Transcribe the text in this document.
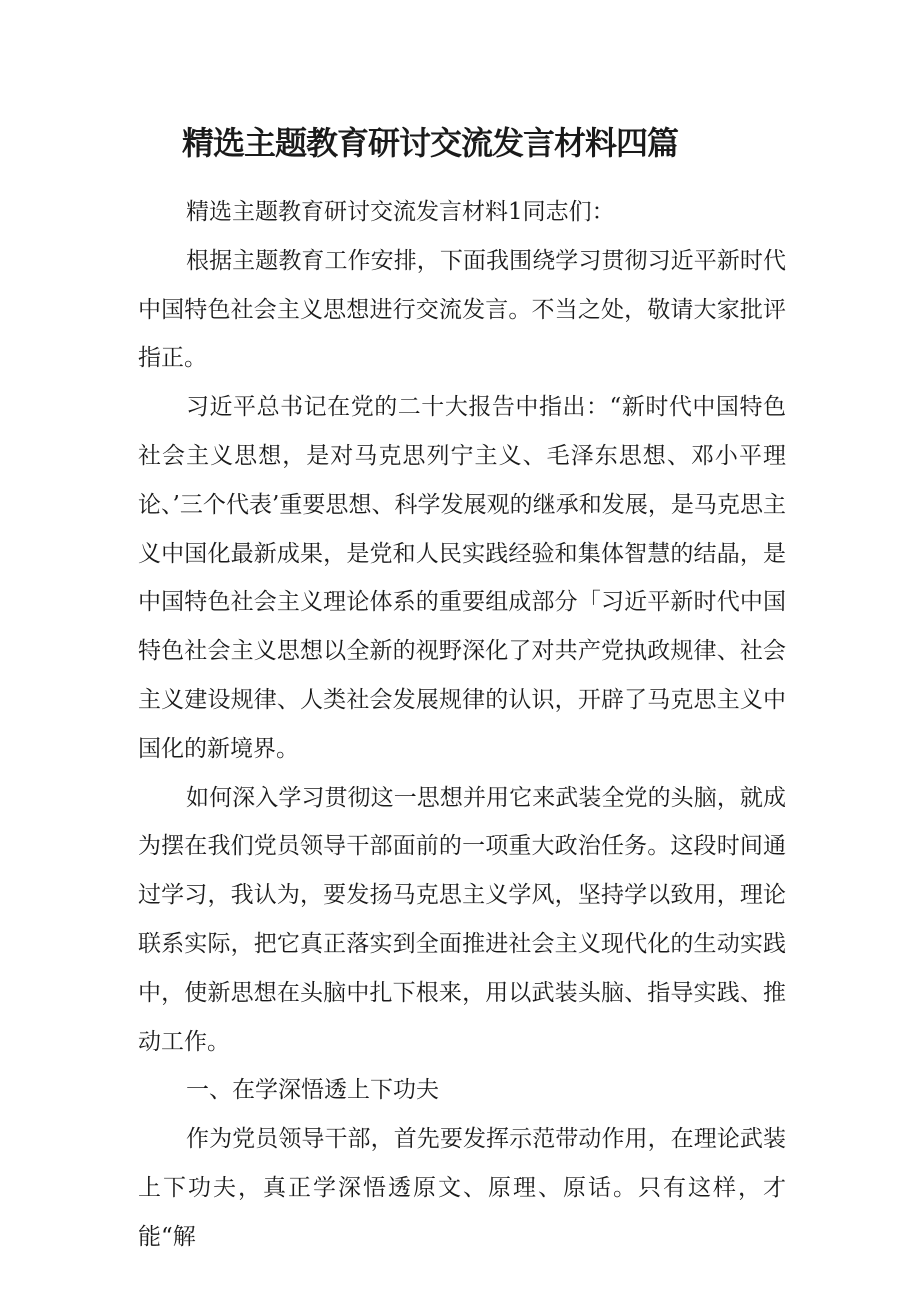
精选主题教育研讨交流发言材料四篇

精选主题教育研讨交流发言材料1同志们：

根据主题教育工作安排，下面我围绕学习贯彻习近平新时代中国特色社会主义思想进行交流发言。不当之处，敬请大家批评指正。

习近平总书记在党的二十大报告中指出：“新时代中国特色社会主义思想，是对马克思列宁主义、毛泽东思想、邓小平理论、’三个代表’重要思想、科学发展观的继承和发展，是马克思主义中国化最新成果，是党和人民实践经验和集体智慧的结晶，是中国特色社会主义理论体系的重要组成部分「习近平新时代中国特色社会主义思想以全新的视野深化了对共产党执政规律、社会主义建设规律、人类社会发展规律的认识，开辟了马克思主义中国化的新境界。

如何深入学习贯彻这一思想并用它来武装全党的头脑，就成为摆在我们党员领导干部面前的一项重大政治任务。这段时间通过学习，我认为，要发扬马克思主义学风，坚持学以致用，理论联系实际，把它真正落实到全面推进社会主义现代化的生动实践中，使新思想在头脑中扎下根来，用以武装头脑、指导实践、推动工作。

一、在学深悟透上下功夫

作为党员领导干部，首先要发挥示范带动作用，在理论武装上下功夫，真正学深悟透原文、原理、原话。只有这样，才能“解
